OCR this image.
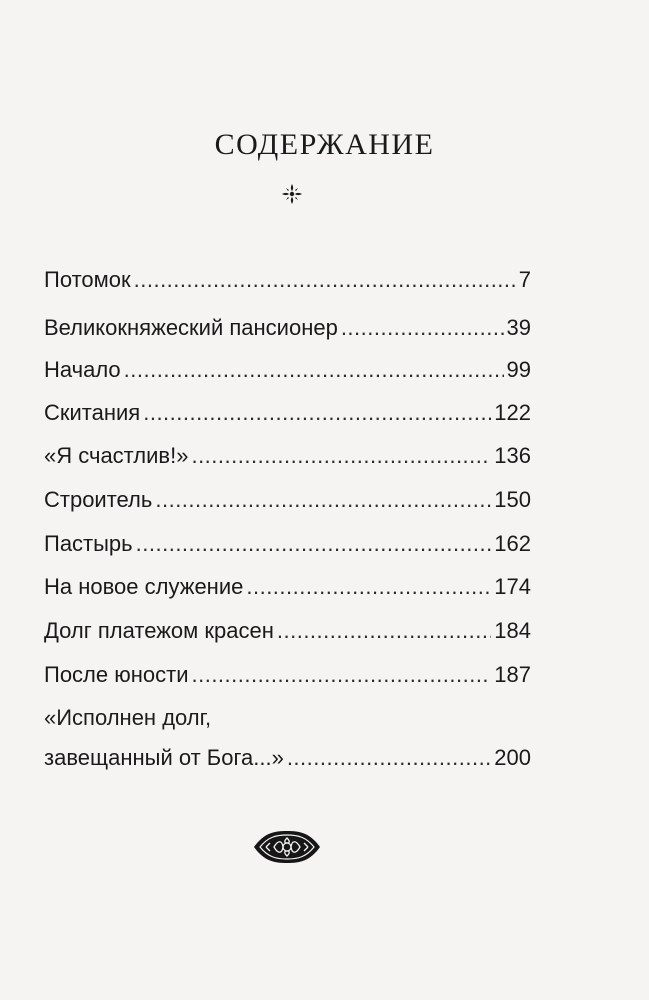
СОДЕРЖАНИЕ
Потомок .....	7
Великокняжеский пансионер .....	39
Начало .....	99
Скитания .....	122
«Я счастлив!» .....	136
Строитель .....	150
Пастырь .....	162
На новое служение .....	174
Долг платежом красен .....	184
После юности .....	187
«Исполнен долг,
завещанный от Бога...» .....	200
